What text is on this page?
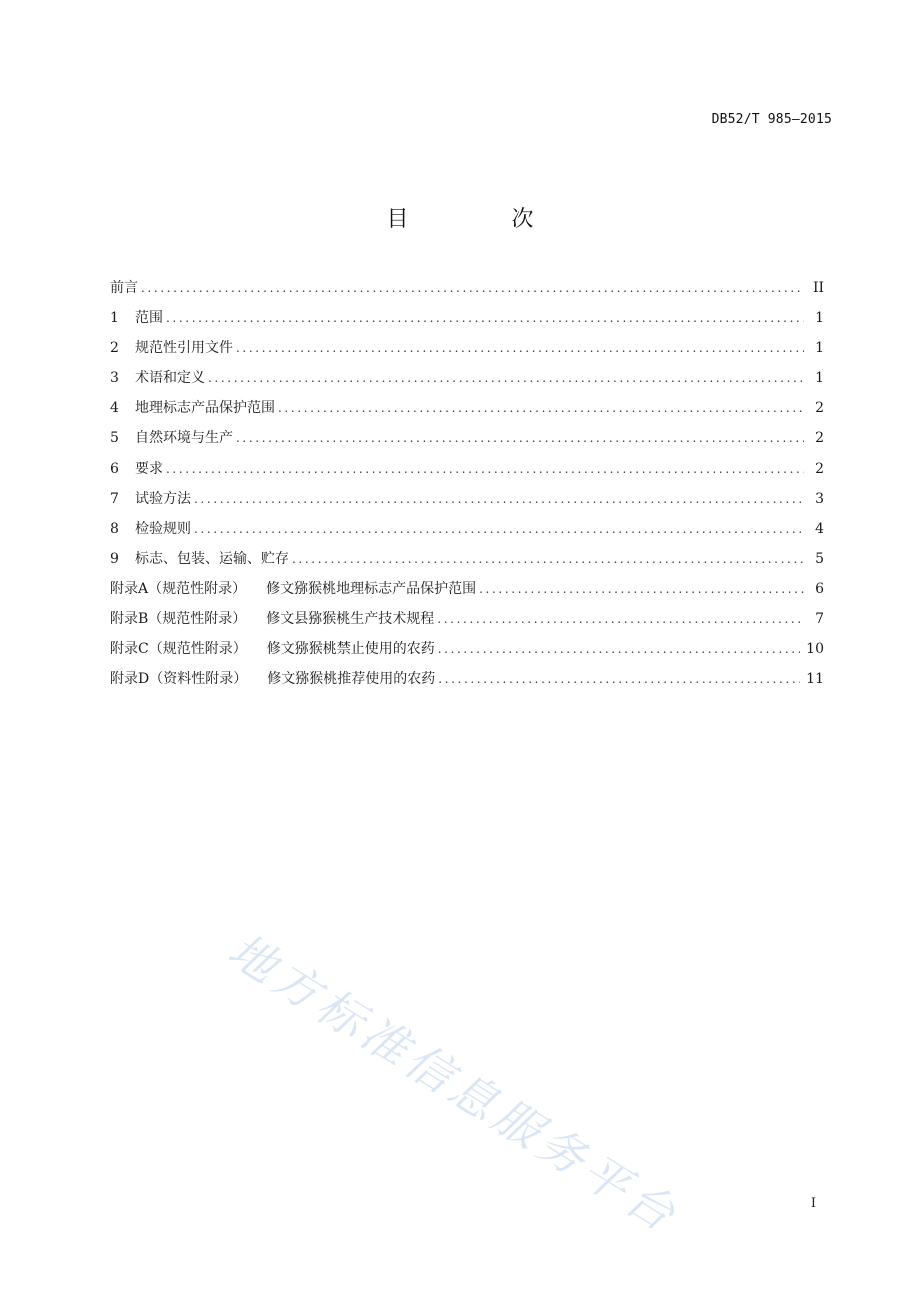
DB52/T 985—2015
目 次
前言 . . .	II
1	范围 . . .	1
2	规范性引用文件 . . .	1
3	术语和定义 . . .	1
4	地理标志产品保护范围 . . .	2
5	自然环境与生产 . . .	2
6	要求 . . .	2
7	试验方法 . . .	3
8	检验规则 . . .	4
9	标志、包装、运输、贮存 . . .	5
附录A（规范性附录）	修文猕猴桃地理标志产品保护范围 . . .	6
附录B（规范性附录）	修文县猕猴桃生产技术规程 . . .	7
附录C（规范性附录）	修文猕猴桃禁止使用的农药 . . .	10
附录D（资料性附录）	修文猕猴桃推荐使用的农药 . . .	11
地方标准信息服务平台	I
